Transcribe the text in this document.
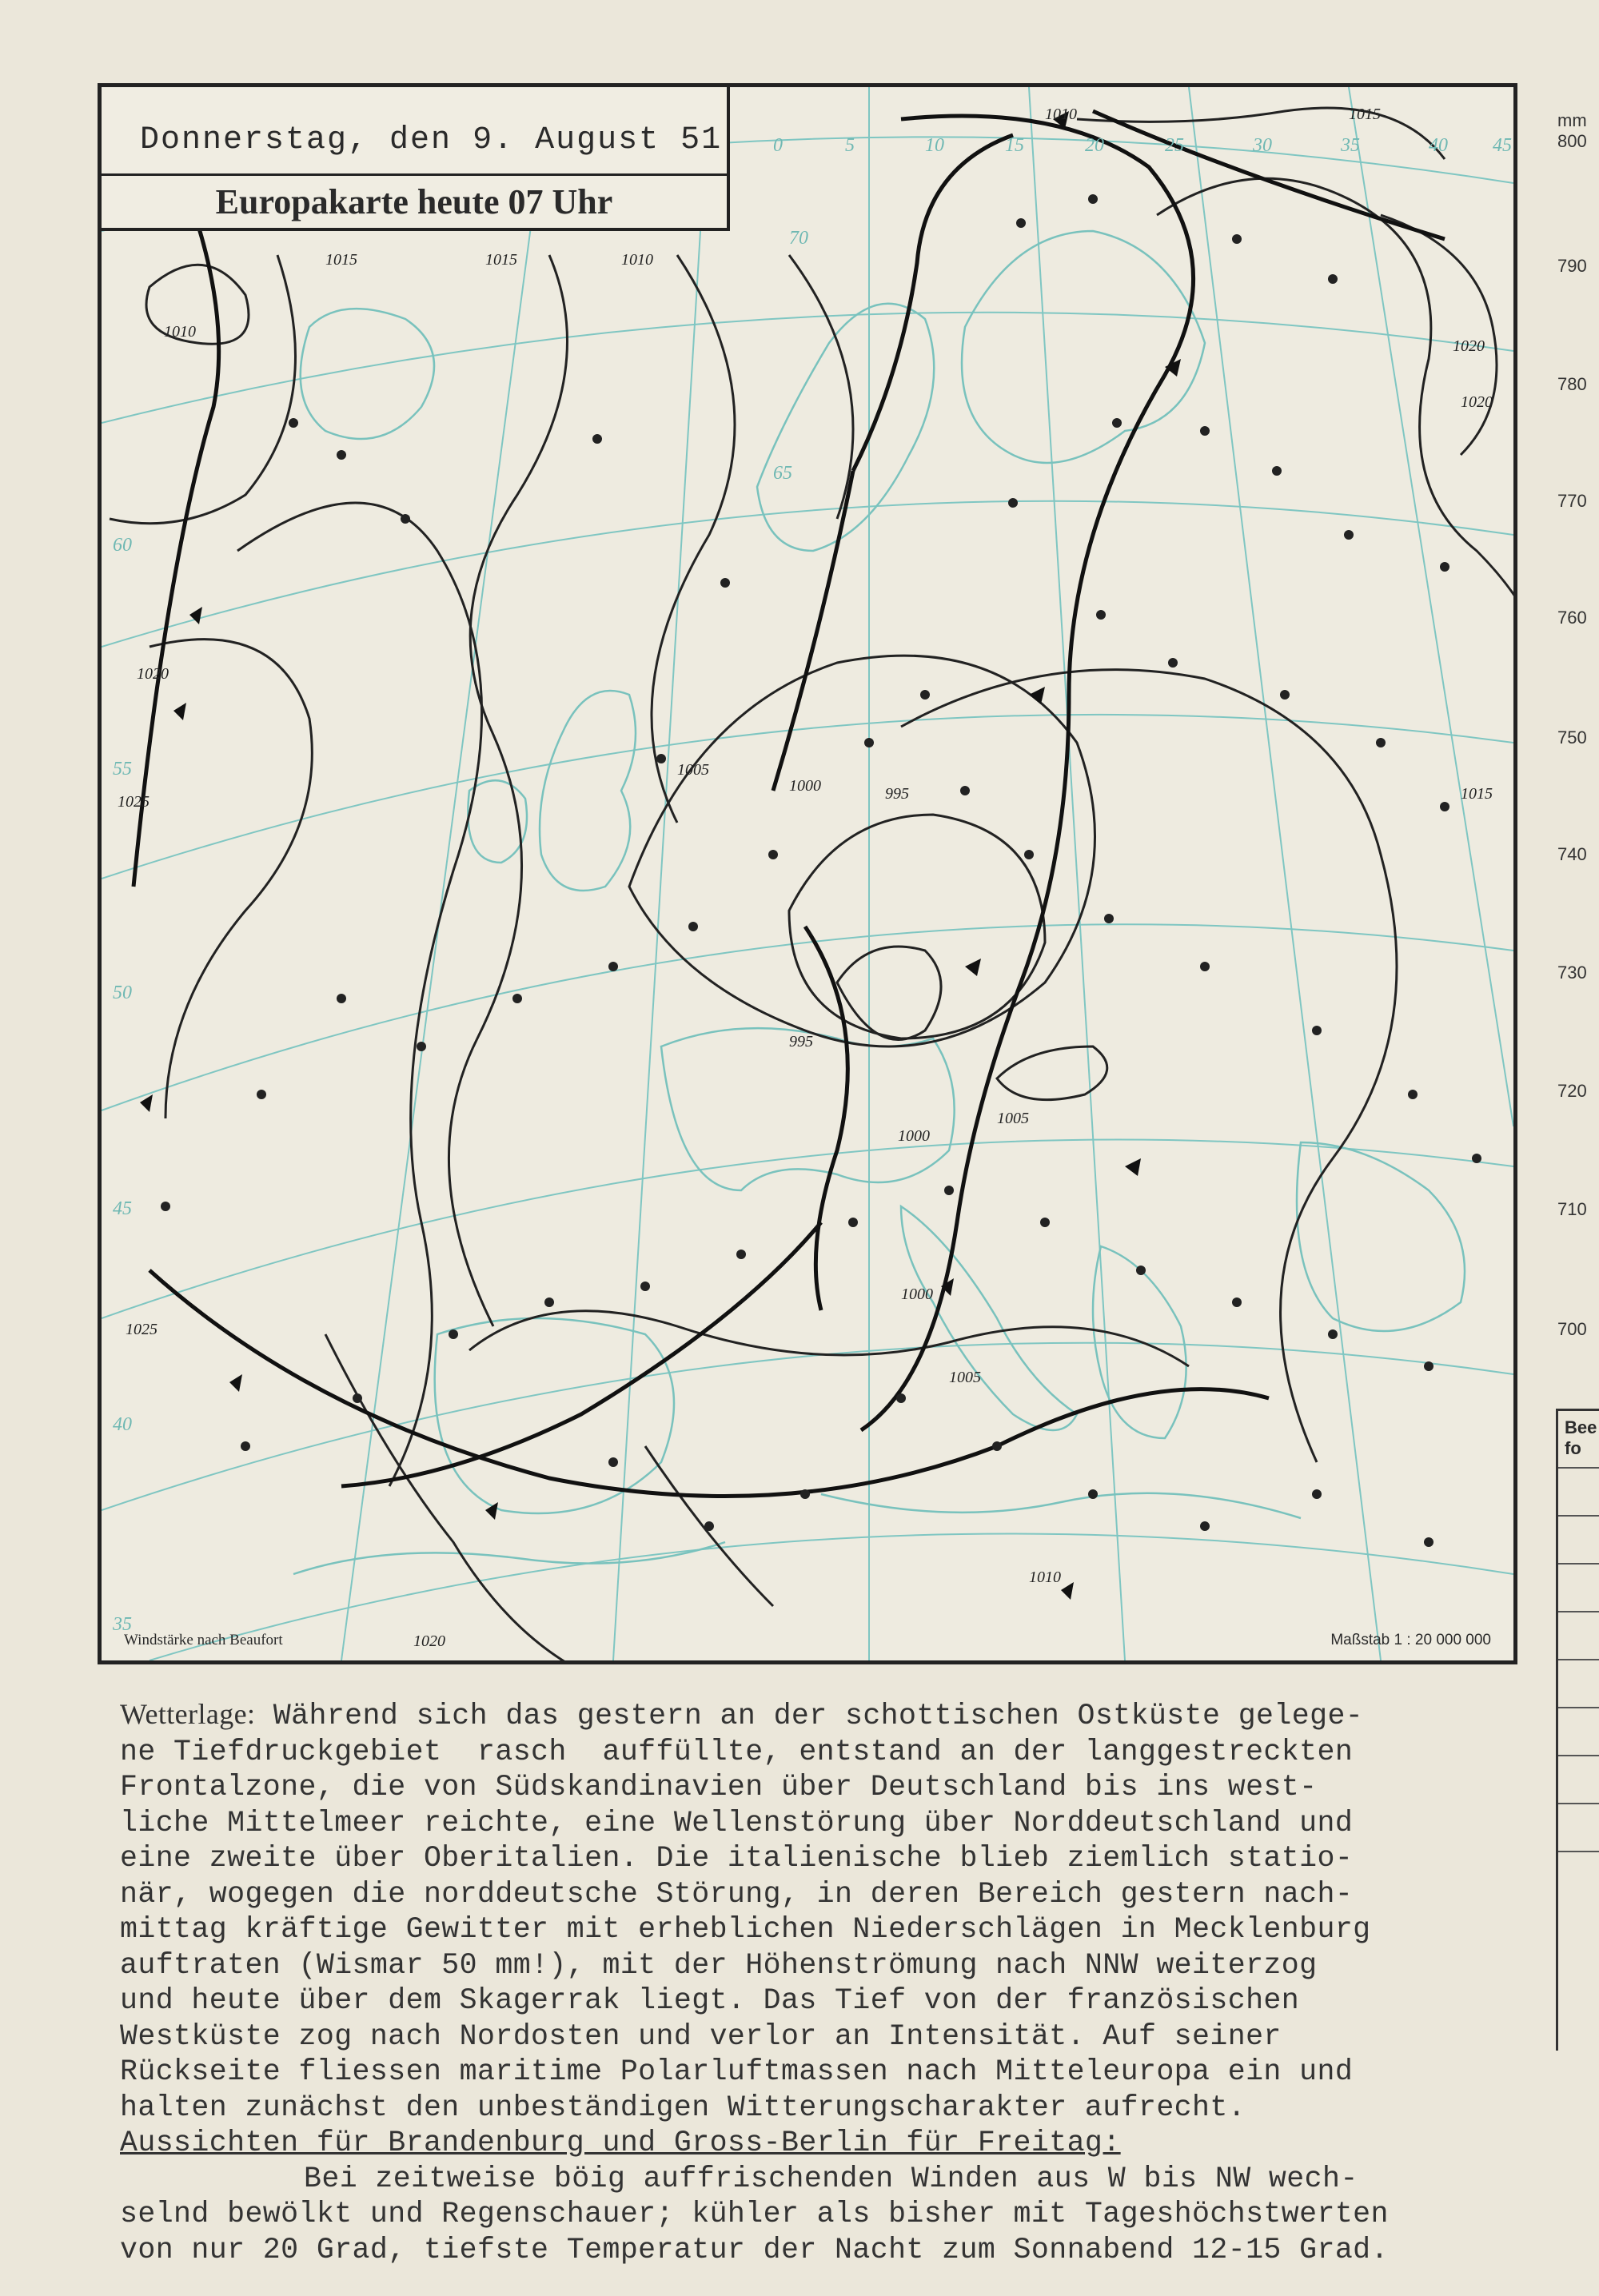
1010
1015	1015	1010
1010	1015
1020
1025
1025
1005
1000	995
995
1000
1005
1005
1000
1020
1015
1010
1020
1020
70
65
60
55
50
45
40
35
0	5	10	15	20	25	30	35	40 45
Donnerstag, den 9. August 51
Europakarte heute 07 Uhr
Windstärke nach Beaufort	Maßstab 1 : 20 000 000
mm
800
790
780
770
760
750
740
730
720
710
700
Bee fo

Wetterlage: Während sich das gestern an der schottischen Ostküste gelege-

ne Tiefdruckgebiet  rasch  auffüllte, entstand an der langgestreckten

Frontalzone, die von Südskandinavien über Deutschland bis ins west-

liche Mittelmeer reichte, eine Wellenstörung über Norddeutschland und

eine zweite über Oberitalien. Die italienische blieb ziemlich statio-

när, wogegen die norddeutsche Störung, in deren Bereich gestern nach-

mittag kräftige Gewitter mit erheblichen Niederschlägen in Mecklenburg

auftraten (Wismar 50 mm!), mit der Höhenströmung nach NNW weiterzog

und heute über dem Skagerrak liegt. Das Tief von der französischen

Westküste zog nach Nordosten und verlor an Intensität. Auf seiner

Rückseite fliessen maritime Polarluftmassen nach Mitteleuropa ein und

halten zunächst den unbeständigen Witterungscharakter aufrecht.

Aussichten für Brandenburg und Gross-Berlin für Freitag:

Bei zeitweise böig auffrischenden Winden aus W bis NW wech-

selnd bewölkt und Regenschauer; kühler als bisher mit Tageshöchstwerten

von nur 20 Grad, tiefste Temperatur der Nacht zum Sonnabend 12-15 Grad.
